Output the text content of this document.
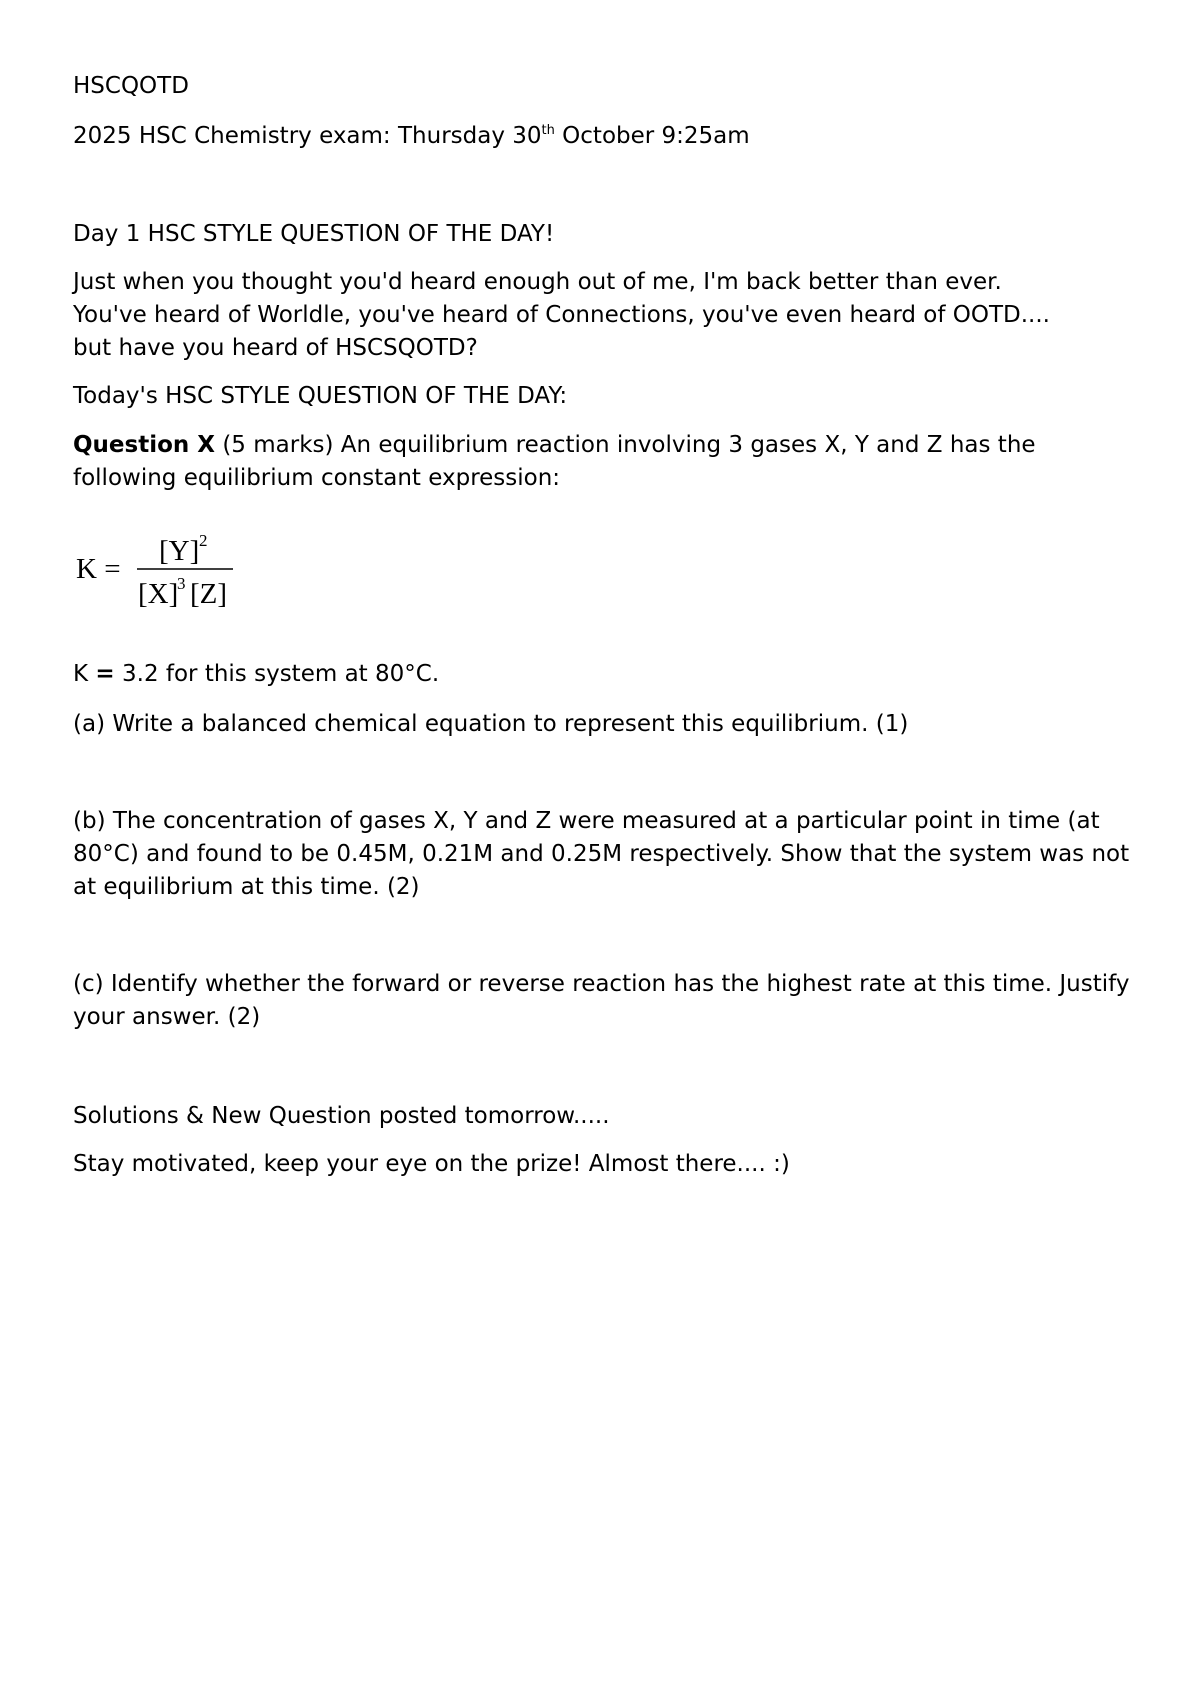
HSCQOTD

2025 HSC Chemistry exam: Thursday 30th October 9:25am

Day 1 HSC STYLE QUESTION OF THE DAY!

Just when you thought you'd heard enough out of me, I'm back better than ever. You've heard of Worldle, you've heard of Connections, you've even heard of OOTD.... but have you heard of HSCSQOTD?

Today's HSC STYLE QUESTION OF THE DAY:

Question X (5 marks) An equilibrium reaction involving 3 gases X, Y and Z has the following equilibrium constant expression:

K =
[Y] 2
[X]
3 [Z]

K = 3.2 for this system at 80°C.

(a) Write a balanced chemical equation to represent this equilibrium. (1)

(b) The concentration of gases X, Y and Z were measured at a particular point in time (at 80°C) and found to be 0.45M, 0.21M and 0.25M respectively. Show that the system was not at equilibrium at this time. (2)

(c) Identify whether the forward or reverse reaction has the highest rate at this time. Justify your answer. (2)

Solutions & New Question posted tomorrow.....

Stay motivated, keep your eye on the prize! Almost there.... :)
